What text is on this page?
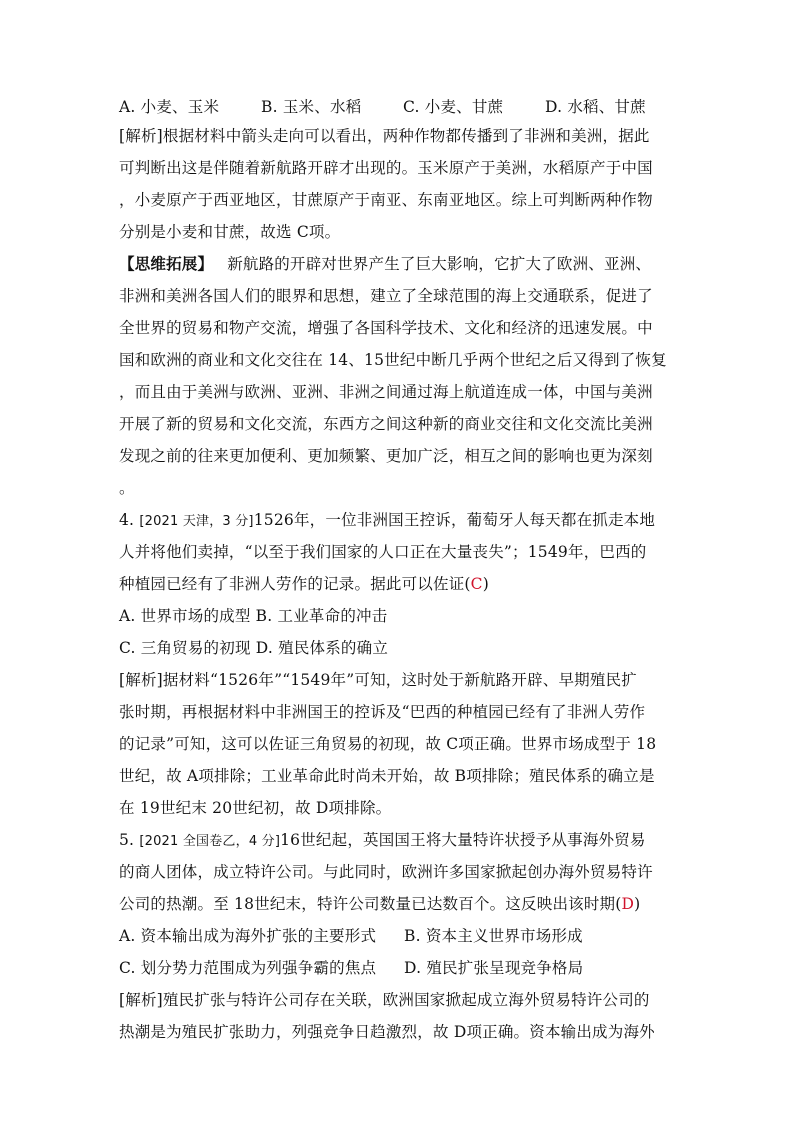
A. 小麦、玉米	B. 玉米、水稻	C. 小麦、甘蔗	D. 水稻、甘蔗
[解析]根据材料中箭头走向可以看出，两种作物都传播到了非洲和美洲，据此
可判断出这是伴随着新航路开辟才出现的。玉米原产于美洲，水稻原产于中国
，小麦原产于西亚地区，甘蔗原产于南亚、东南亚地区。综上可判断两种作物
分别是小麦和甘蔗，故选 C项。
【思维拓展】 新航路的开辟对世界产生了巨大影响，它扩大了欧洲、亚洲、
非洲和美洲各国人们的眼界和思想，建立了全球范围的海上交通联系，促进了
全世界的贸易和物产交流，增强了各国科学技术、文化和经济的迅速发展。中
国和欧洲的商业和文化交往在 14、15世纪中断几乎两个世纪之后又得到了恢复
，而且由于美洲与欧洲、亚洲、非洲之间通过海上航道连成一体，中国与美洲
开展了新的贸易和文化交流，东西方之间这种新的商业交往和文化交流比美洲
发现之前的往来更加便利、更加频繁、更加广泛，相互之间的影响也更为深刻
。
4. [2021 天津，3 分]1526年，一位非洲国王控诉，葡萄牙人每天都在抓走本地
人并将他们卖掉，“以至于我们国家的人口正在大量丧失”；1549年，巴西的
种植园已经有了非洲人劳作的记录。据此可以佐证(C)
A. 世界市场的成型 B. 工业革命的冲击
C. 三角贸易的初现 D. 殖民体系的确立
[解析]据材料“1526年”“1549年”可知，这时处于新航路开辟、早期殖民扩
张时期，再根据材料中非洲国王的控诉及“巴西的种植园已经有了非洲人劳作
的记录”可知，这可以佐证三角贸易的初现，故 C项正确。世界市场成型于 18
世纪，故 A项排除；工业革命此时尚未开始，故 B项排除；殖民体系的确立是
在 19世纪末 20世纪初，故 D项排除。
5. [2021 全国卷乙，4 分]16世纪起，英国国王将大量特许状授予从事海外贸易
的商人团体，成立特许公司。与此同时，欧洲许多国家掀起创办海外贸易特许
公司的热潮。至 18世纪末，特许公司数量已达数百个。这反映出该时期(D)
A. 资本输出成为海外扩张的主要形式 B. 资本主义世界市场形成
C. 划分势力范围成为列强争霸的焦点 D. 殖民扩张呈现竞争格局
[解析]殖民扩张与特许公司存在关联，欧洲国家掀起成立海外贸易特许公司的
热潮是为殖民扩张助力，列强竞争日趋激烈，故 D项正确。资本输出成为海外
